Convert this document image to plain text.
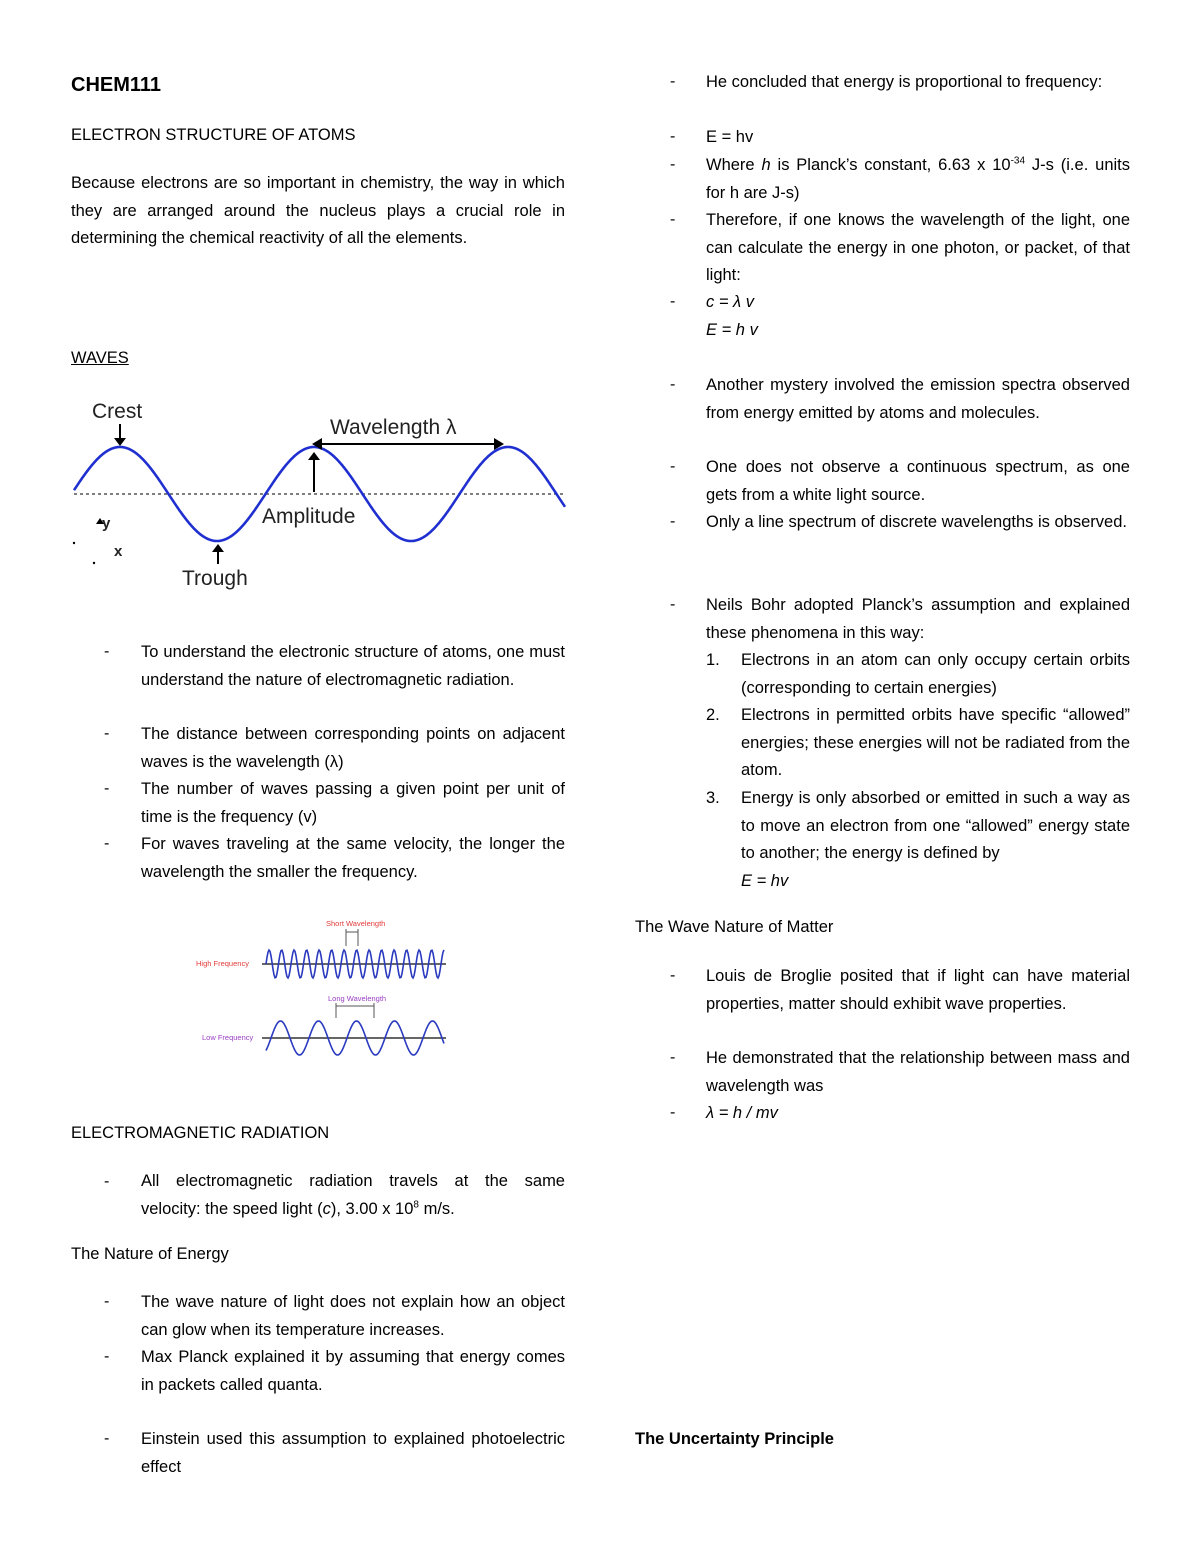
CHEM111
ELECTRON STRUCTURE OF ATOMS
Because electrons are so important in chemistry, the way in which they are arranged around the nucleus plays a crucial role in determining the chemical reactivity of all the elements.
WAVES
Crest
Wavelength λ
Amplitude
Trough
y
x
- To understand the electronic structure of atoms, one must understand the nature of electromagnetic radiation.
- The distance between corresponding points on adjacent waves is the wavelength (λ)
- The number of waves passing a given point per unit of time is the frequency (v)
- For waves traveling at the same velocity, the longer the wavelength the smaller the frequency.
Short Wavelength
High Frequency
Long Wavelength
Low Frequency
ELECTROMAGNETIC RADIATION
- All electromagnetic radiation travels at the same
velocity: the speed light (c), 3.00 x $10^8$ m/s.
The Nature of Energy
- The wave nature of light does not explain how an object can glow when its temperature increases.
- Max Planck explained it by assuming that energy comes in packets called quanta.
- Einstein used this assumption to explained photoelectric effect
- He concluded that energy is proportional to frequency:
- E = hv
- Where h is Planck’s constant, 6.63 x $10^{-34}$ J-s (i.e. units for h are J-s)
- Therefore, if one knows the wavelength of the light, one can calculate the energy in one photon, or packet, of that light:
- c = λ v
E = h v
- Another mystery involved the emission spectra observed from energy emitted by atoms and molecules.
- One does not observe a continuous spectrum, as one gets from a white light source.
- Only a line spectrum of discrete wavelengths is observed.
- Neils Bohr adopted Planck’s assumption and explained these phenomena in this way:
1. Electrons in an atom can only occupy certain orbits (corresponding to certain energies)
2. Electrons in permitted orbits have specific “allowed” energies; these energies will not be radiated from the atom.
3. Energy is only absorbed or emitted in such a way as to move an electron from one “allowed” energy state to another; the energy is defined by
E = hv
The Wave Nature of Matter
- Louis de Broglie posited that if light can have material properties, matter should exhibit wave properties.
- He demonstrated that the relationship between mass and wavelength was
- λ = h / mv
The Uncertainty Principle
